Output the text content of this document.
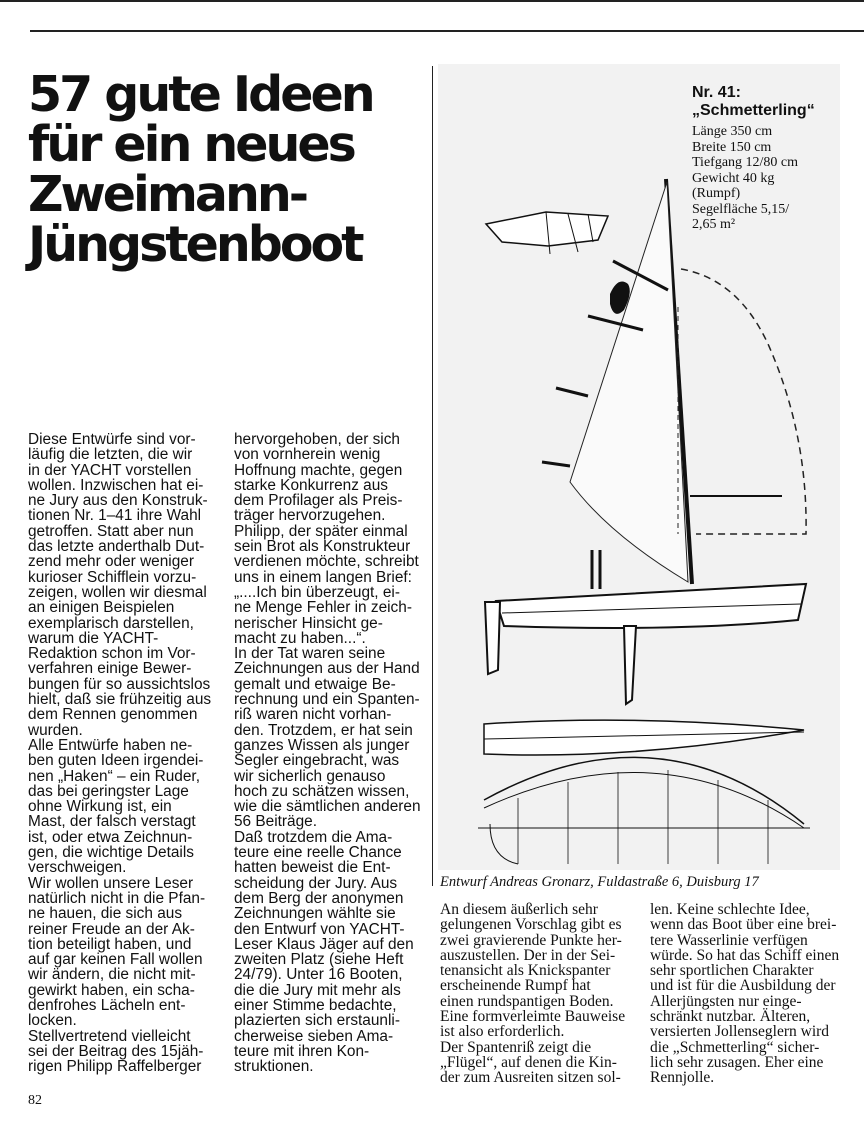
57 gute Ideen
für ein neues
Zweimann-
Jüngstenboot

Diese Entwürfe sind vor-

läufig die letzten, die wir

in der YACHT vorstellen

wollen. Inzwischen hat ei-

ne Jury aus den Konstruk-

tionen Nr. 1–41 ihre Wahl

getroffen. Statt aber nun

das letzte anderthalb Dut-

zend mehr oder weniger

kurioser Schifflein vorzu-

zeigen, wollen wir diesmal

an einigen Beispielen

exemplarisch darstellen,

warum die YACHT-

Redaktion schon im Vor-

verfahren einige Bewer-

bungen für so aussichtslos

hielt, daß sie frühzeitig aus

dem Rennen genommen

wurden.

Alle Entwürfe haben ne-

ben guten Ideen irgendei-

nen „Haken“ – ein Ruder,

das bei geringster Lage

ohne Wirkung ist, ein

Mast, der falsch verstagt

ist, oder etwa Zeichnun-

gen, die wichtige Details

verschweigen.

Wir wollen unsere Leser

natürlich nicht in die Pfan-

ne hauen, die sich aus

reiner Freude an der Ak-

tion beteiligt haben, und

auf gar keinen Fall wollen

wir ändern, die nicht mit-

gewirkt haben, ein scha-

denfrohes Lächeln ent-

locken.

Stellvertretend vielleicht

sei der Beitrag des 15jäh-

rigen Philipp Raffelberger

hervorgehoben, der sich

von vornherein wenig

Hoffnung machte, gegen

starke Konkurrenz aus

dem Profilager als Preis-

träger hervorzugehen.

Philipp, der später einmal

sein Brot als Konstrukteur

verdienen möchte, schreibt

uns in einem langen Brief:

„....Ich bin überzeugt, ei-

ne Menge Fehler in zeich-

nerischer Hinsicht ge-

macht zu haben...“.

In der Tat waren seine

Zeichnungen aus der Hand

gemalt und etwaige Be-

rechnung und ein Spanten-

riß waren nicht vorhan-

den. Trotzdem, er hat sein

ganzes Wissen als junger

Segler eingebracht, was

wir sicherlich genauso

hoch zu schätzen wissen,

wie die sämtlichen anderen

56 Beiträge.

Daß trotzdem die Ama-

teure eine reelle Chance

hatten beweist die Ent-

scheidung der Jury. Aus

dem Berg der anonymen

Zeichnungen wählte sie

den Entwurf von YACHT-

Leser Klaus Jäger auf den

zweiten Platz (siehe Heft

24/79). Unter 16 Booten,

die die Jury mit mehr als

einer Stimme bedachte,

plazierten sich erstaunli-

cherweise sieben Ama-

teure mit ihren Kon-

struktionen.

Nr. 41:
„Schmetterling“
Länge 350 cm
Breite 150 cm
Tiefgang 12/80 cm
Gewicht 40 kg
(Rumpf)
Segelfläche 5,15/
2,65 m²
Entwurf Andreas Gronarz, Fuldastraße 6, Duisburg 17

An diesem äußerlich sehr

gelungenen Vorschlag gibt es

zwei gravierende Punkte her-

auszustellen. Der in der Sei-

tenansicht als Knickspanter

erscheinende Rumpf hat

einen rundspantigen Boden.

Eine formverleimte Bauweise

ist also erforderlich.

Der Spantenriß zeigt die

„Flügel“, auf denen die Kin-

der zum Ausreiten sitzen sol-

len. Keine schlechte Idee,

wenn das Boot über eine brei-

tere Wasserlinie verfügen

würde. So hat das Schiff einen

sehr sportlichen Charakter

und ist für die Ausbildung der

Allerjüngsten nur einge-

schränkt nutzbar. Älteren,

versierten Jollenseglern wird

die „Schmetterling“ sicher-

lich sehr zusagen. Eher eine

Rennjolle.

82
